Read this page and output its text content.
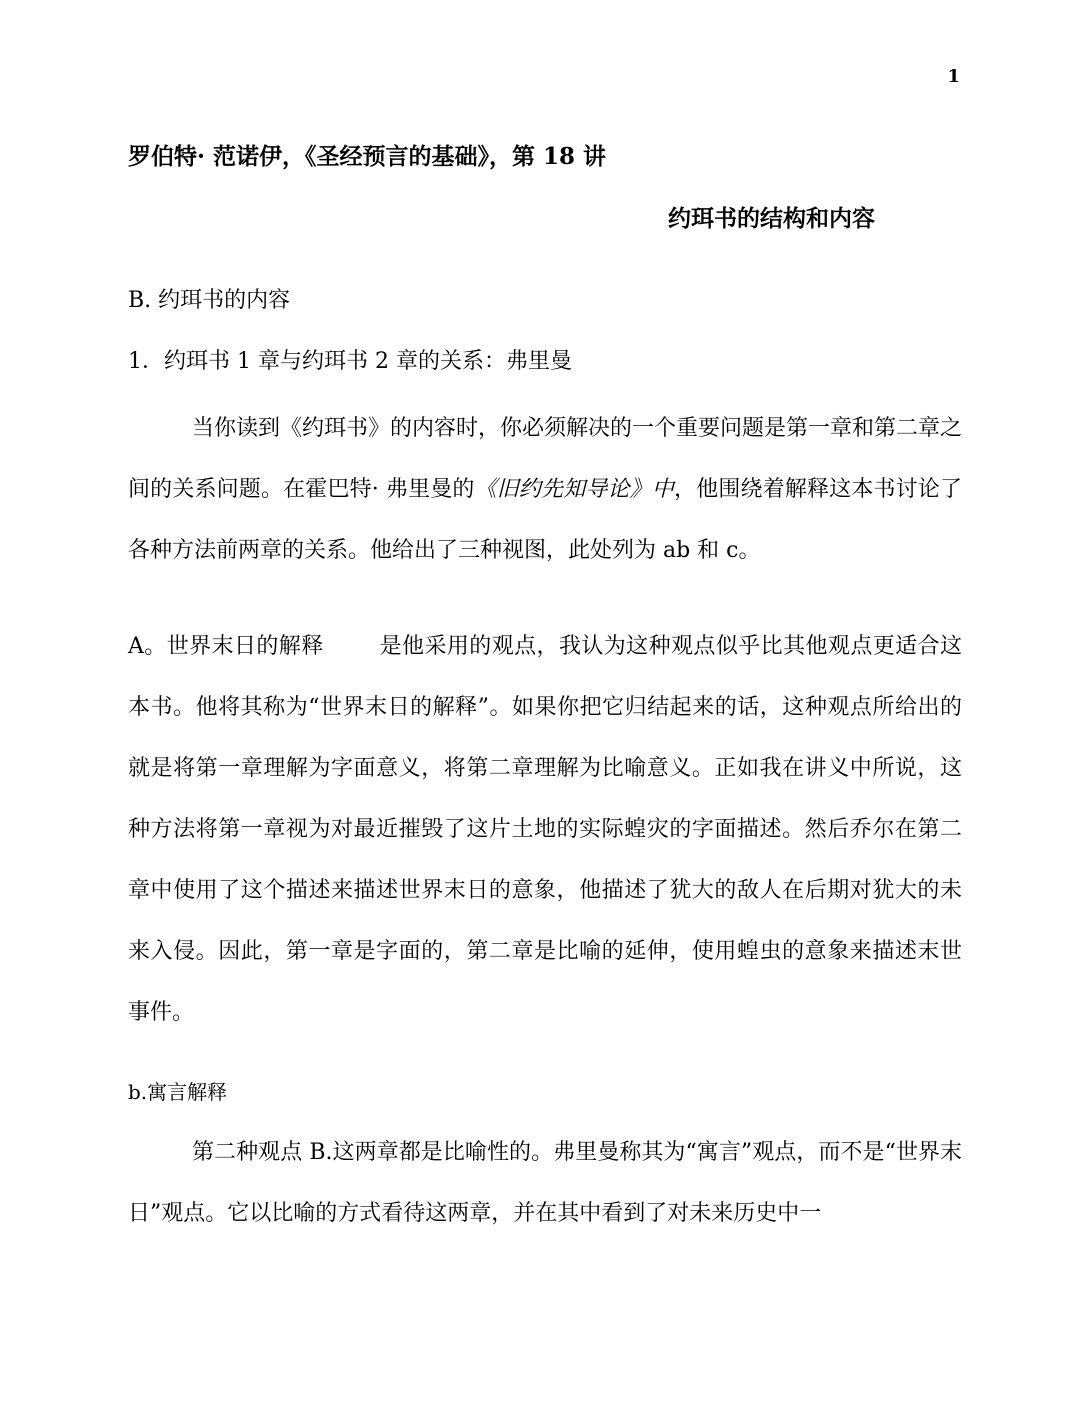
1
罗伯特· 范诺伊，《圣经预言的基础》，第 18 讲
约珥书的结构和内容
B. 约珥书的内容
1．约珥书 1 章与约珥书 2 章的关系：弗里曼

当你读到《约珥书》的内容时，你必须解决的一个重要问题是第一章和第二章之间的关系问题。在霍巴特· 弗里曼的《旧约先知导论》中，他围绕着解释这本书讨论了各种方法前两章的关系。他给出了三种视图，此处列为 ab 和 c。

A。世界末日的解释	是他采用的观点，我认为这种观点似乎比其他观点更适合这本书。他将其称为“世界末日的解释”。如果你把它归结起来的话，这种观点所给出的就是将第一章理解为字面意义，将第二章理解为比喻意义。正如我在讲义中所说，这种方法将第一章视为对最近摧毁了这片土地的实际蝗灾的字面描述。然后乔尔在第二章中使用了这个描述来描述世界末日的意象，他描述了犹大的敌人在后期对犹大的未来入侵。因此，第一章是字面的，第二章是比喻的延伸，使用蝗虫的意象来描述末世事件。

b.寓言解释

第二种观点 B.这两章都是比喻性的。弗里曼称其为“寓言”观点，而不是“世界末日”观点。它以比喻的方式看待这两章，并在其中看到了对未来历史中一
